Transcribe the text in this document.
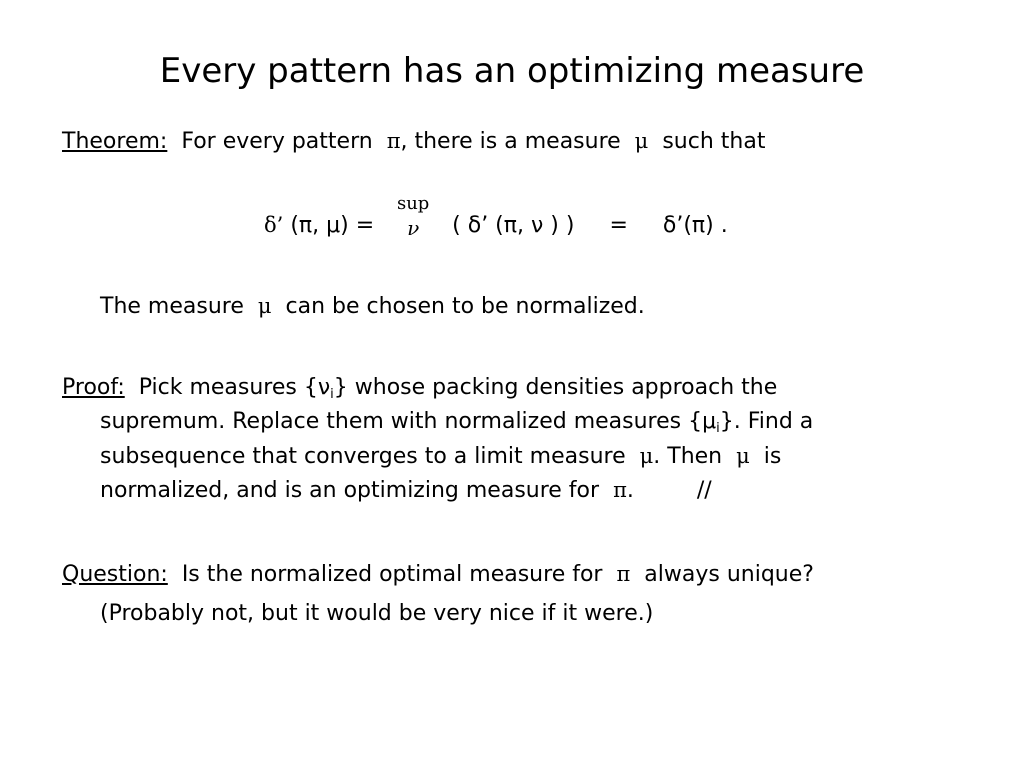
Every pattern has an optimizing measure
Theorem: For every pattern π, there is a measure μ such that
δ’ (π, μ) =
sup
ν	( δ’ (π, ν ) ) = δ’(π) .
The measure μ can be chosen to be normalized.
Proof: Pick measures $\{\nu_i\}$ whose packing densities approach the
supremum. Replace them with normalized measures $\{\mu_i\}$. Find a
subsequence that converges to a limit measure μ. Then μ is
normalized, and is an optimizing measure for π.	//
Question: Is the normalized optimal measure for π always unique?
(Probably not, but it would be very nice if it were.)
